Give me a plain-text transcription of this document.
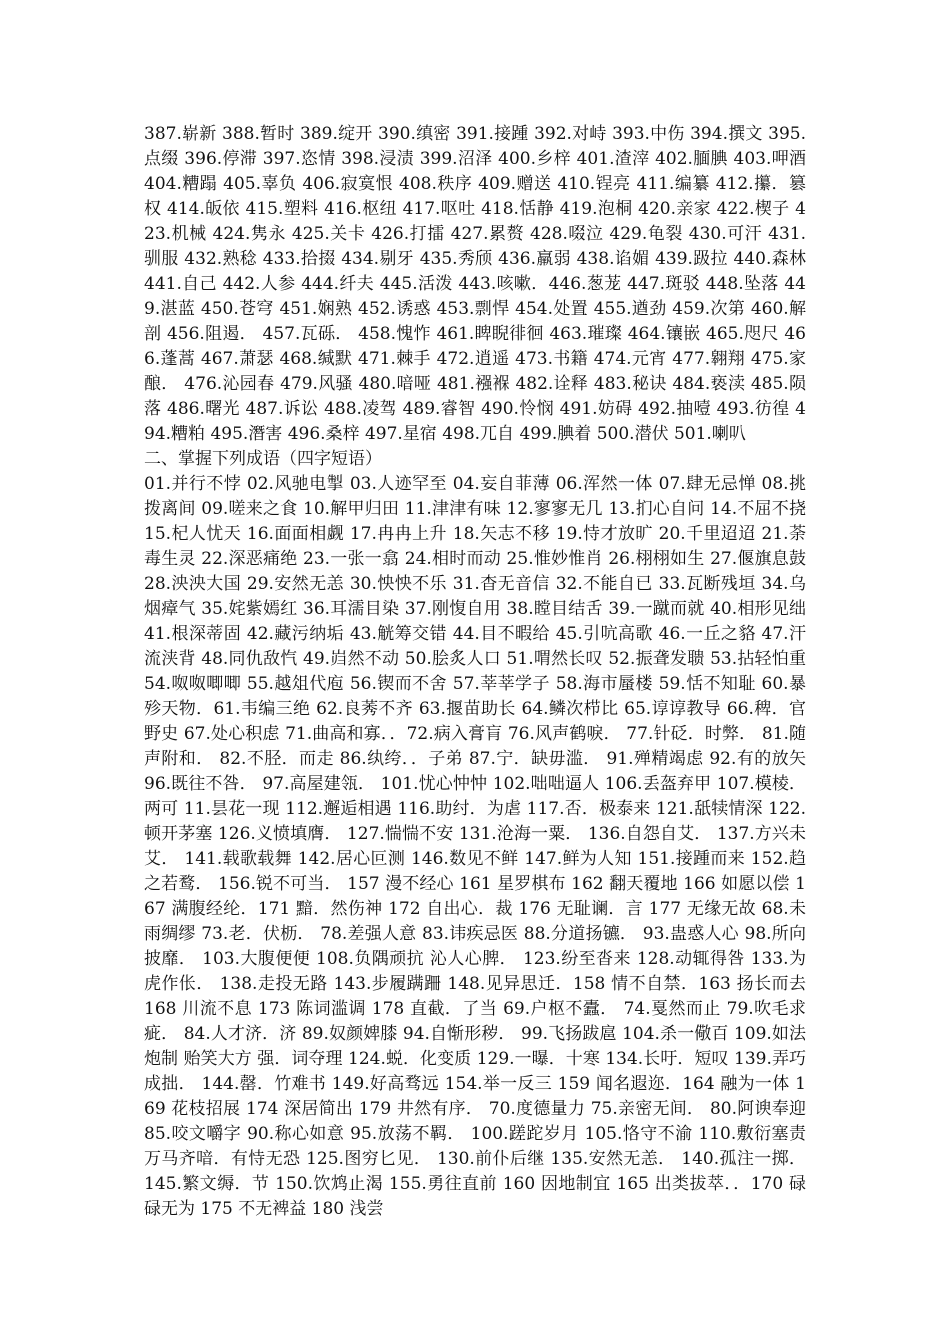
387.崭新 388.暂时 389.绽开 390.缜密 391.接踵 392.对峙 393.中伤 394.撰文 395.点缀 396.停滞 397.恣情 398.浸渍 399.沼泽 400.乡梓 401.渣滓 402.腼腆 403.呷酒 404.糟蹋 405.辜负 406.寂寞恨 408.秩序 409.赠送 410.锃亮 411.编纂 412.攥．篡权 414.皈依 415.塑料 416.枢纽 417.呕吐 418.恬静 419.泡桐 420.亲家 422.楔子 423.机械 424.隽永 425.关卡 426.打擂 427.累赘 428.啜泣 429.龟裂 430.可汗 431.驯服 432.熟稔 433.拾掇 434.剔牙 435.秀颀 436.羸弱 438.谄媚 439.趿拉 440.森林 441.自己 442.人参 444.纤夫 445.活泼 443.咳嗽．446.葱茏 447.斑驳 448.坠落 449.湛蓝 450.苍穹 451.娴熟 452.诱惑 453.剽悍 454.处置 455.遒劲 459.次第 460.解剖 456.阻遏． 457.瓦砾． 458.愧怍 461.睥睨徘徊 463.璀璨 464.镶嵌 465.咫尺 466.蓬蒿 467.萧瑟 468.缄默 471.棘手 472.逍遥 473.书籍 474.元宵 477.翱翔 475.家酿． 476.沁园春 479.风骚 480.喑哑 481.襁褓 482.诠释 483.秘诀 484.亵渎 485.陨落 486.曙光 487.诉讼 488.凌驾 489.睿智 490.怜悯 491.妨碍 492.抽噎 493.彷徨 494.糟粕 495.潛害 496.桑梓 497.星宿 498.兀自 499.腆着 500.潜伏 501.喇叭

二、掌握下列成语（四字短语）

01.并行不悖 02.风驰电掣 03.人迹罕至 04.妄自菲薄 06.浑然一体 07.肆无忌惮 08.挑拨离间 09.嗟来之食 10.解甲归田 11.津津有味 12.寥寥无几 13.扪心自问 14.不屈不挠 15.杞人忧天 16.面面相觑 17.冉冉上升 18.矢志不移 19.恃才放旷 20.千里迢迢 21.荼毒生灵 22.深恶痛绝 23.一张一翕 24.相时而动 25.惟妙惟肖 26.栩栩如生 27.偃旗息鼓 28.泱泱大国 29.安然无恙 30.怏怏不乐 31.杳无音信 32.不能自已 33.瓦断残垣 34.乌烟瘴气 35.姹紫嫣红 36.耳濡目染 37.刚愎自用 38.瞠目结舌 39.一蹴而就 40.相形见绌 41.根深蒂固 42.藏污纳垢 43.觥筹交错 44.目不暇给 45.引吭高歌 46.一丘之貉 47.汗流浃背 48.同仇敌忾 49.岿然不动 50.脍炙人口 51.喟然长叹 52.振聋发聩 53.拈轻怕重 54.呶呶唧唧 55.越俎代庖 56.锲而不舍 57.莘莘学子 58.海市蜃楼 59.恬不知耻 60.暴殄天物．61.韦编三绝 62.良莠不齐 63.揠苗助长 64.鳞次栉比 65.谆谆教导 66.稗．官野史 67.处心积虑 71.曲高和寡．．72.病入膏肓 76.风声鹤唳． 77.针砭．时弊． 81.随声附和． 82.不胫．而走 86.纨绔．．子弟 87.宁．缺毋滥． 91.殚精竭虑 92.有的放矢 96.既往不咎． 97.高屋建瓴． 101.忧心忡忡 102.咄咄逼人 106.丢盔弃甲 107.模棱．两可 11.昙花一现 112.邂逅相遇 116.助纣．为虐 117.否．极泰来 121.舐犊情深 122.顿开茅塞 126.义愤填膺． 127.惴惴不安 131.沧海一粟． 136.自怨自艾． 137.方兴未艾． 141.载歌载舞 142.居心叵测 146.数见不鲜 147.鲜为人知 151.接踵而来 152.趋之若鹜． 156.锐不可当． 157 漫不经心 161 星罗棋布 162 翻天覆地 166 如愿以偿 167 满腹经纶．171 黯．然伤神 172 自出心．裁 176 无耻谰．言 177 无缘无故 68.未雨绸缪 73.老．伏枥． 78.差强人意 83.讳疾忌医 88.分道扬镳． 93.蛊惑人心 98.所向披靡． 103.大腹便便 108.负隅顽抗 沁人心脾． 123.纷至沓来 128.动辄得咎 133.为虎作伥． 138.走投无路 143.步履蹒跚 148.见异思迁．158 情不自禁．163 扬长而去 168 川流不息 173 陈词滥调 178 直截．了当 69.户枢不蠹． 74.戛然而止 79.吹毛求疵． 84.人才济．济 89.奴颜婢膝 94.自惭形秽． 99.飞扬跋扈 104.杀一儆百 109.如法炮制 贻笑大方 强．词夺理 124.蜕．化变质 129.一曝．十寒 134.长吁．短叹 139.弄巧成拙． 144.罄．竹难书 149.好高骛远 154.举一反三 159 闻名遐迩．164 融为一体 169 花枝招展 174 深居简出 179 井然有序． 70.度德量力 75.亲密无间． 80.阿谀奉迎 85.咬文嚼字 90.称心如意 95.放荡不羁． 100.蹉跎岁月 105.恪守不渝 110.敷衍塞责 万马齐喑．有恃无恐 125.图穷匕见． 130.前仆后继 135.安然无恙． 140.孤注一掷． 145.繁文缛．节 150.饮鸩止渴 155.勇往直前 160 因地制宜 165 出类拔萃．．170 碌碌无为 175 不无裨益 180 浅尝
